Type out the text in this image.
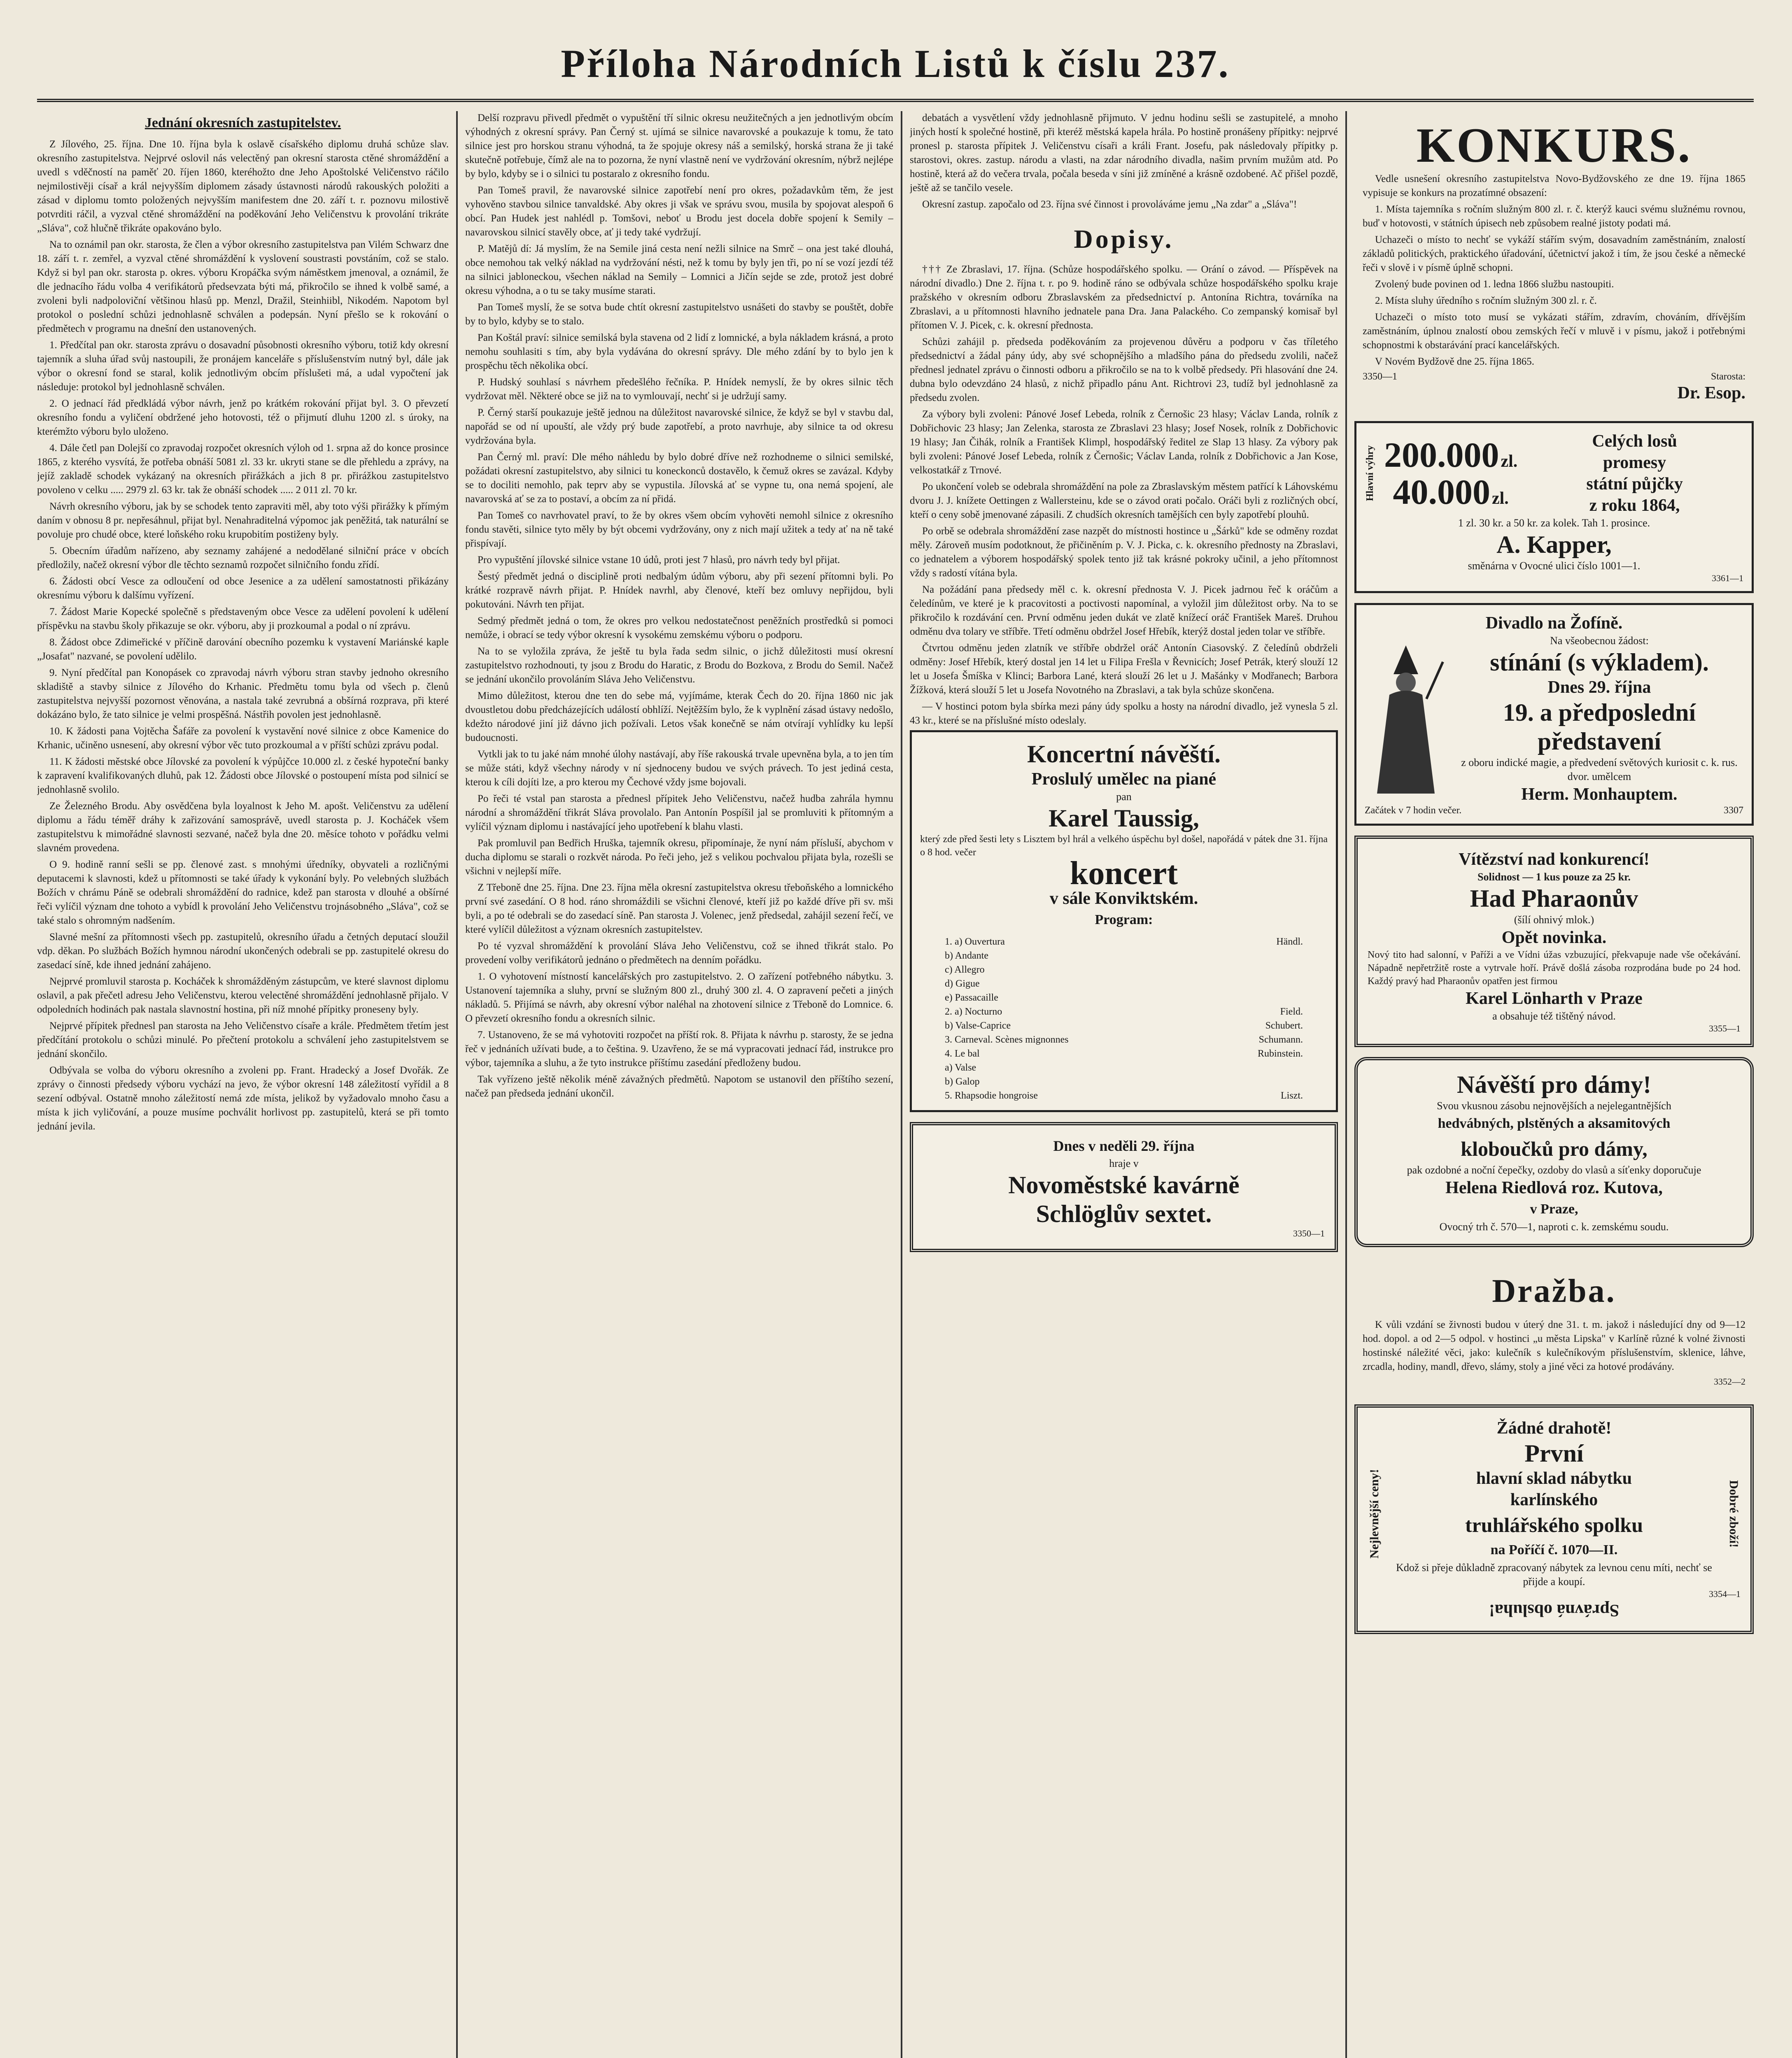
Příloha Národních Listů k číslu 237.
Jednání okresních zastupitelstev.

Z Jílového, 25. října. Dne 10. října byla k oslavě císařského diplomu druhá schůze slav. okresního zastupitelstva. Nejprvé oslovil nás velectěný pan okresní starosta ctěné shromáždění a uvedl s vděčností na paměť 20. říjen 1860, kteréhožto dne Jeho Apoštolské Veličenstvo ráčilo nejmilostivěji císař a král nejvyšším diplomem zásady ústavnosti národů rakouských položiti a zásad v diplomu tomto položených nejvyšším manifestem dne 20. září t. r. poznovu milostivě potvrditi ráčil, a vyzval ctěné shromáždění na poděkování Jeho Veličenstvu k provolání trikráte „Sláva", což hlučně třikráte opakováno bylo.

Na to oznámil pan okr. starosta, že člen a výbor okresního zastupitelstva pan Vilém Schwarz dne 18. září t. r. zemřel, a vyzval ctěné shromáždění k vyslovení soustrasti povstáním, což se stalo. Když si byl pan okr. starosta p. okres. výboru Kropáčka svým náměstkem jmenoval, a oznámil, že dle jednacího řádu volba 4 verifikátorů předsevzata býti má, přikročilo se ihned k volbě samé, a zvoleni byli nadpoloviční většinou hlasů pp. Menzl, Dražil, Steinhiibl, Nikodém. Napotom byl protokol o poslední schůzi jednohlasně schválen a podepsán. Nyní přešlo se k rokování o předmětech v programu na dnešní den ustanovených.

1. Předčítal pan okr. starosta zprávu o dosavadní působnosti okresního výboru, totiž kdy okresní tajemník a sluha úřad svůj nastoupili, že pronájem kanceláře s příslušenstvím nutný byl, dále jak výbor o okresní fond se staral, kolik jednotlivým obcím příslušeti má, a udal vypočtení jak následuje: protokol byl jednohlasně schválen.

2. O jednací řád předkládá výbor návrh, jenž po krátkém rokování přijat byl. 3. O převzetí okresního fondu a vyličení obdržené jeho hotovosti, též o přijmutí dluhu 1200 zl. s úroky, na kterémžto výboru bylo uloženo.

4. Dále četl pan Dolejší co zpravodaj rozpočet okresních výloh od 1. srpna až do konce prosince 1865, z kterého vysvítá, že potřeba obnáší 5081 zl. 33 kr. ukryti stane se dle přehledu a zprávy, na jejíž zakladě schodek vykázaný na okresních přirážkách a jich 8 pr. přirážkou zastupitelstvo povoleno v celku ..... 2979 zl. 63 kr. tak že obnáší schodek ..... 2 011 zl. 70 kr.

Návrh okresního výboru, jak by se schodek tento zapraviti měl, aby toto výši přirážky k přímým daním v obnosu 8 pr. nepřesáhnul, přijat byl. Nenahraditelná výpomoc jak peněžitá, tak naturální se povoluje pro chudé obce, které loňského roku krupobitím postiženy byly.

5. Obecním úřadům nařízeno, aby seznamy zahájené a nedodělané silniční práce v obcích předložily, načež okresní výbor dle těchto seznamů rozpočet silničního fondu zřídí.

6. Žádosti obcí Vesce za odloučení od obce Jesenice a za udělení samostatnosti přikázány okresnímu výboru k dalšímu vyřízení.

7. Žádost Marie Kopecké společně s představeným obce Vesce za udělení povolení k udělení příspěvku na stavbu školy přikazuje se okr. výboru, aby ji prozkoumal a podal o ní zprávu.

8. Žádost obce Zdimeřické v příčině darování obecního pozemku k vystavení Mariánské kaple „Josafat" nazvané, se povolení udělilo.

9. Nyní předčítal pan Konopásek co zpravodaj návrh výboru stran stavby jednoho okresního skladiště a stavby silnice z Jílového do Krhanic. Předmětu tomu byla od všech p. členů zastupitelstva nejvyšší pozornost věnována, a nastala také zevrubná a obšírná rozprava, při které dokázáno bylo, že tato silnice je velmi prospěšná. Nástřih povolen jest jednohlasně.

10. K žádosti pana Vojtěcha Šafáře za povolení k vystavění nové silnice z obce Kamenice do Krhanic, učiněno usnesení, aby okresní výbor věc tuto prozkoumal a v příští schůzi zprávu podal.

11. K žádosti městské obce Jílovské za povolení k výpůjčce 10.000 zl. z české hypoteční banky k zapravení kvalifikovaných dluhů, pak 12. Žádosti obce Jílovské o postoupení místa pod silnicí se jednohlasně svolilo.

Ze Železného Brodu. Aby osvědčena byla loyalnost k Jeho M. apošt. Veličenstvu za udělení diplomu a řádu téměř dráhy k zařizování samosprávě, uvedl starosta p. J. Kocháček všem zastupitelstvu k mimořádné slavnosti sezvané, načež byla dne 20. měsíce tohoto v pořádku velmi slavném provedena.

O 9. hodině ranní sešli se pp. členové zast. s mnohými úředníky, obyvateli a rozličnými deputacemi k slavnosti, kdež u přítomnosti se také úřady k vykonání byly. Po velebných službách Božích v chrámu Páně se odebrali shromáždění do radnice, kdež pan starosta v dlouhé a obšírné řeči vylíčil význam dne tohoto a vybídl k provolání Jeho Veličenstvu trojnásobného „Sláva", což se také stalo s ohromným nadšením.

Slavné mešní za přítomnosti všech pp. zastupitelů, okresního úřadu a četných deputací sloužil vdp. děkan. Po službách Božích hymnou národní ukončených odebrali se pp. zastupitelé okresu do zasedací síně, kde ihned jednání zahájeno.

Nejprvé promluvil starosta p. Kocháček k shromážděným zástupcům, ve které slavnost diplomu oslavil, a pak přečetl adresu Jeho Veličenstvu, kterou velectěné shromáždění jednohlasně přijalo. V odpoledních hodinách pak nastala slavnostní hostina, při níž mnohé přípitky proneseny byly.

Nejprvé přípitek přednesl pan starosta na Jeho Veličenstvo císaře a krále. Předmětem třetím jest předčítání protokolu o schůzi minulé. Po přečtení protokolu a schválení jeho zastupitelstvem se jednání skončilo.

Odbývala se volba do výboru okresního a zvoleni pp. Frant. Hradecký a Josef Dvořák. Ze zprávy o činnosti předsedy výboru vychází na jevo, že výbor okresní 148 záležitostí vyřídil a 8 sezení odbýval. Ostatně mnoho záležitostí nemá zde místa, jelikož by vyžadovalo mnoho času a místa k jich vyličování, a pouze musíme pochválit horlivost pp. zastupitelů, která se při tomto jednání jevila.

Delší rozpravu přivedl předmět o vypuštění tří silnic okresu neužitečných a jen jednotlivým obcím výhodných z okresní správy. Pan Černý st. ujímá se silnice navarovské a poukazuje k tomu, že tato silnice jest pro horskou stranu výhodná, ta že spojuje okresy náš a semilský, horská strana že ji také skutečně potřebuje, čímž ale na to pozorna, že nyní vlastně není ve vydržování okresním, nýbrž nejlépe by bylo, kdyby se i o silnici tu postaralo z okresního fondu.

Pan Tomeš pravil, že navarovské silnice zapotřebí není pro okres, požadavkům těm, že jest vyhověno stavbou silnice tanvaldské. Aby okres ji však ve správu svou, musila by spojovat alespoň 6 obcí. Pan Hudek jest nahlédl p. Tomšovi, neboť u Brodu jest docela dobře spojení k Semily – navarovskou silnicí stavěly obce, ať ji tedy také vydržují.

P. Matějů dí: Já myslím, že na Semile jiná cesta není nežli silnice na Smrč – ona jest také dlouhá, obce nemohou tak velký náklad na vydržování nésti, než k tomu by byly jen tři, po ní se vozí jezdí též na silnici jabloneckou, všechen náklad na Semily – Lomnici a Jičín sejde se zde, protož jest dobré okresu výhodna, a o tu se taky musíme starati.

Pan Tomeš myslí, že se sotva bude chtít okresní zastupitelstvo usnášeti do stavby se pouštět, dobře by to bylo, kdyby se to stalo.

Pan Koštál praví: silnice semilská byla stavena od 2 lidí z lomnické, a byla nákladem krásná, a proto nemohu souhlasiti s tím, aby byla vydávána do okresní správy. Dle mého zdání by to bylo jen k prospěchu těch několika obcí.

P. Hudský souhlasí s návrhem předešlého řečníka. P. Hnídek nemyslí, že by okres silnic těch vydržovat měl. Některé obce se již na to vymlouvají, nechť si je udržují samy.

P. Černý starší poukazuje ještě jednou na důležitost navarovské silnice, že když se byl v stavbu dal, napořád se od ní upouští, ale vždy prý bude zapotřebí, a proto navrhuje, aby silnice ta od okresu vydržována byla.

Pan Černý ml. praví: Dle mého náhledu by bylo dobré dříve než rozhodneme o silnici semilské, požádati okresní zastupitelstvo, aby silnici tu koneckonců dostavělo, k čemuž okres se zavázal. Kdyby se to dociliti nemohlo, pak teprv aby se vypustila. Jílovská ať se vypne tu, ona nemá spojení, ale navarovská ať se za to postaví, a obcím za ní přidá.

Pan Tomeš co navrhovatel praví, to že by okres všem obcím vyhověti nemohl silnice z okresního fondu stavěti, silnice tyto měly by být obcemi vydržovány, ony z nich mají užitek a tedy ať na ně také přispívají.

Pro vypuštění jílovské silnice vstane 10 údů, proti jest 7 hlasů, pro návrh tedy byl přijat.

Šestý předmět jedná o disciplině proti nedbalým údům výboru, aby při sezení přítomni byli. Po krátké rozpravě návrh přijat. P. Hnídek navrhl, aby členové, kteří bez omluvy nepřijdou, byli pokutováni. Návrh ten přijat.

Sedmý předmět jedná o tom, že okres pro velkou nedostatečnost peněžních prostředků si pomoci nemůže, i obrací se tedy výbor okresní k vysokému zemskému výboru o podporu.

Na to se vyložila zpráva, že ještě tu byla řada sedm silnic, o jichž důležitosti musí okresní zastupitelstvo rozhodnouti, ty jsou z Brodu do Haratic, z Brodu do Bozkova, z Brodu do Semil. Načež se jednání ukončilo provoláním Sláva Jeho Veličenstvu.

Mimo důležitost, kterou dne ten do sebe má, vyjímáme, kterak Čech do 20. října 1860 nic jak dvoustletou dobu předcházejících událostí obhlíží. Nejtěžším bylo, že k vyplnění zásad ústavy nedošlo, kdežto národové jiní již dávno jich požívali. Letos však konečně se nám otvírají vyhlídky ku lepší budoucnosti.

Vytkli jak to tu jaké nám mnohé úlohy nastávají, aby říše rakouská trvale upevněna byla, a to jen tím se může státi, když všechny národy v ní sjednoceny budou ve svých právech. To jest jediná cesta, kterou k cíli dojíti lze, a pro kterou my Čechové vždy jsme bojovali.

Po řeči té vstal pan starosta a přednesl přípitek Jeho Veličenstvu, načež hudba zahrála hymnu národní a shromáždění třikrát Sláva provolalo. Pan Antonín Pospíšil jal se promluviti k přítomným a vylíčil význam diplomu i nastávající jeho upotřebení k blahu vlasti.

Pak promluvil pan Bedřich Hruška, tajemník okresu, připomínaje, že nyní nám přísluší, abychom v ducha diplomu se starali o rozkvět národa. Po řeči jeho, jež s velikou pochvalou přijata byla, rozešli se všichni v nejlepší míře.

Z Třeboně dne 25. října. Dne 23. října měla okresní zastupitelstva okresu třeboňského a lomnického první své zasedání. O 8 hod. ráno shromáždili se všichni členové, kteří již po každé dříve při sv. mši byli, a po té odebrali se do zasedací síně. Pan starosta J. Volenec, jenž předsedal, zahájil sezení řečí, ve které vylíčil důležitost a význam okresních zastupitelstev.

Po té vyzval shromáždění k provolání Sláva Jeho Veličenstvu, což se ihned třikrát stalo. Po provedení volby verifikátorů jednáno o předmětech na denním pořádku.

1. O vyhotovení místností kancelářských pro zastupitelstvo. 2. O zařízení potřebného nábytku. 3. Ustanovení tajemníka a sluhy, první se služným 800 zl., druhý 300 zl. 4. O zapravení pečeti a jiných nákladů. 5. Přijímá se návrh, aby okresní výbor naléhal na zhotovení silnice z Třeboně do Lomnice. 6. O převzetí okresního fondu a okresních silnic.

7. Ustanoveno, že se má vyhotoviti rozpočet na příští rok. 8. Přijata k návrhu p. starosty, že se jedna řeč v jednáních užívati bude, a to čeština. 9. Uzavřeno, že se má vypracovati jednací řád, instrukce pro výbor, tajemníka a sluhu, a že tyto instrukce příštímu zasedání předloženy budou.

Tak vyřízeno ještě několik méně závažných předmětů. Napotom se ustanovil den příštího sezení, načež pan předseda jednání ukončil.

debatách a vysvětlení vždy jednohlasně přijmuto. V jednu hodinu sešli se zastupitelé, a mnoho jiných hostí k společné hostině, při kteréž městská kapela hrála. Po hostině pronášeny přípitky: nejprvé pronesl p. starosta přípitek J. Veličenstvu císaři a králi Frant. Josefu, pak následovaly přípitky p. starostovi, okres. zastup. národu a vlasti, na zdar národního divadla, našim prvním mužům atd. Po hostině, která až do večera trvala, počala beseda v síni již zmíněné a krásně ozdobené. Ač přišel pozdě, ještě až se tančilo vesele.

Okresní zastup. započalo od 23. října své činnost i provoláváme jemu „Na zdar" a „Sláva"!

Dopisy.

††† Ze Zbraslavi, 17. října. (Schůze hospodářského spolku. — Orání o závod. — Příspěvek na národní divadlo.) Dne 2. října t. r. po 9. hodině ráno se odbývala schůze hospodářského spolku kraje pražského v okresním odboru Zbraslavském za předsednictví p. Antonína Richtra, továrníka na Zbraslavi, a u přítomnosti hlavního jednatele pana Dra. Jana Palackého. Co zempanský komisař byl přítomen V. J. Picek, c. k. okresní přednosta.

Schůzi zahájil p. předseda poděkováním za projevenou důvěru a podporu v čas tříletého předsednictví a žádal pány údy, aby své schopnějšího a mladšího pána do předsedu zvolili, načež přednesl jednatel zprávu o činnosti odboru a přikročilo se na to k volbě předsedy. Při hlasování dne 24. dubna bylo odevzdáno 24 hlasů, z nichž připadlo pánu Ant. Richtrovi 23, tudíž byl jednohlasně za předsedu zvolen.

Za výbory byli zvoleni: Pánové Josef Lebeda, rolník z Černošic 23 hlasy; Václav Landa, rolník z Dobřichovic 23 hlasy; Jan Zelenka, starosta ze Zbraslavi 23 hlasy; Josef Nosek, rolník z Dobřichovic 19 hlasy; Jan Čihák, rolník a František Klimpl, hospodářský ředitel ze Slap 13 hlasy. Za výbory pak byli zvoleni: Pánové Josef Lebeda, rolník z Černošic; Václav Landa, rolník z Dobřichovic a Jan Kose, velkostatkář z Trnové.

Po ukončení voleb se odebrala shromáždění na pole za Zbraslavským městem patřící k Láhovskému dvoru J. J. knížete Oettingen z Wallersteinu, kde se o závod orati počalo. Oráči byli z rozličných obcí, kteří o ceny sobě jmenované zápasili. Z chudších okresních tamějších cen byly zapotřebí plouhů.

Po orbě se odebrala shromáždění zase nazpět do místnosti hostince u „Šárků" kde se odměny rozdat měly. Zároveň musím podotknout, že přičiněním p. V. J. Picka, c. k. okresního přednosty na Zbraslavi, co jednatelem a výborem hospodářský spolek tento již tak krásné pokroky učinil, a jeho přítomnost vždy s radostí vítána byla.

Na požádání pana předsedy měl c. k. okresní přednosta V. J. Picek jadrnou řeč k oráčům a čeledínům, ve které je k pracovitosti a poctivosti napomínal, a vyložil jim důležitost orby. Na to se přikročilo k rozdávání cen. První odměnu jeden dukát ve zlatě knížecí oráč František Mareš. Druhou odměnu dva tolary ve stříbře. Třetí odměnu obdržel Josef Hřebík, kterýž dostal jeden tolar ve stříbře.

Čtvrtou odměnu jeden zlatník ve stříbře obdržel oráč Antonín Ciasovský. Z čeledínů obdrželi odměny: Josef Hřebík, který dostal jen 14 let u Filipa Frešla v Řevnicích; Josef Petrák, který slouží 12 let u Josefa Šmíška v Klinci; Barbora Lané, která slouží 26 let u J. Mašánky v Modřanech; Barbora Žížková, která slouží 5 let u Josefa Novotného na Zbraslavi, a tak byla schůze skončena.

— V hostinci potom byla sbírka mezi pány údy spolku a hosty na národní divadlo, jež vynesla 5 zl. 43 kr., které se na příslušné místo odeslaly.

Koncertní návěští.
Proslulý umělec na piané
pan
Karel Taussig,
který zde před šesti lety s Lisztem byl hrál a velkého úspěchu byl došel, napořádá v pátek dne 31. října o 8 hod. večer
koncert
v sále Konviktském.
Program:
1. a) Ouvertura	Händl.
b) Andante
c) Allegro
d) Gigue
e) Passacaille
2. a) Nocturno	Field.
b) Valse-Caprice	Schubert.
3. Carneval. Scènes mignonnes	Schumann.
4. Le bal	Rubinstein.
a) Valse
b) Galop
5. Rhapsodie hongroise	Liszt.
Dnes v neděli 29. října
hraje v
Novoměstské kavárně
Schlöglův sextet.
3350—1
KONKURS.

Vedle usnešení okresního zastupitelstva Novo-Bydžovského ze dne 19. října 1865 vypisuje se konkurs na prozatímné obsazení:

1. Místa tajemníka s ročním služným 800 zl. r. č. kterýž kauci svému služnému rovnou, buď v hotovosti, v státních úpisech neb způsobem realné jistoty podati má.

Uchazeči o místo to nechť se vykáží stářím svým, dosavadním zaměstnáním, znalostí základů politických, praktického úřadování, účetnictví jakož i tím, že jsou české a německé řeči v slově i v písmě úplně schopni.

Zvolený bude povinen od 1. ledna 1866 službu nastoupiti.

2. Místa sluhy úředního s ročním služným 300 zl. r. č.

Uchazeči o místo toto musí se vykázati stářím, zdravím, chováním, dřívějším zaměstnáním, úplnou znalostí obou zemských řečí v mluvě i v písmu, jakož i potřebnými schopnostmi k obstarávání prací kancelářských.

V Novém Bydžově dne 25. října 1865.

3350—1	Starosta:
Dr. Esop.
Hlavní výhry 200.000 zl.
40.000 zl.
Celých losů
promesy
státní půjčky
z roku 1864,
1 zl. 30 kr. a 50 kr. za kolek. Tah 1. prosince.
A. Kapper,
směnárna v Ovocné ulici číslo 1001—1.
3361—1
Divadlo na Žofíně.
Na všeobecnou žádost:
stínání (s výkladem).
Dnes 29. října
19. a předposlední
představení
z oboru indické magie, a předvedení světových kuriosit c. k. rus. dvor. umělcem
Herm. Monhauptem.
Začátek v 7 hodin večer.	3307
Vítězství nad konkurencí!
Solidnost — 1 kus pouze za 25 kr.
Had Pharaonův
(šílí ohnivý mlok.)
Opět novinka.
Nový tito had salonní, v Paříži a ve Vídni úžas vzbuzující, překvapuje nade vše očekávání. Nápadně nepřetržitě roste a vytrvale hoří. Právě došlá zásoba rozprodána bude po 24 hod. Každý pravý had Pharaonův opatřen jest firmou
Karel Lönharth v Praze
a obsahuje též tištěný návod.
3355—1
Návěští pro dámy!
Svou vkusnou zásobu nejnovějších a nejelegantnějších
hedvábných, plstěných a aksamitových
kloboučků pro dámy,
pak ozdobné a noční čepečky, ozdoby do vlasů a síťenky doporučuje
Helena Riedlová roz. Kutova,
v Praze,
Ovocný trh č. 570—1, naproti c. k. zemskému soudu.
Dražba.

K vůli vzdání se živnosti budou v úterý dne 31. t. m. jakož i následující dny od 9—12 hod. dopol. a od 2—5 odpol. v hostinci „u města Lipska" v Karlíně různé k volné živnosti hostinské náležité věci, jako: kulečník s kulečníkovým příslušenstvím, sklenice, láhve, zrcadla, hodiny, mandl, dřevo, slámy, stoly a jiné věci za hotové prodávány.

3352—2
Žádné drahotě!
Nejlevnější ceny!
První
hlavní sklad nábytku
karlínského
truhlářského spolku
na Poříčí č. 1070—II.
Kdož si přeje důkladně zpracovaný nábytek za levnou cenu míti, nechť se přijde a koupí.
Dobré zboží!
3354—1
Správná obsluha!
